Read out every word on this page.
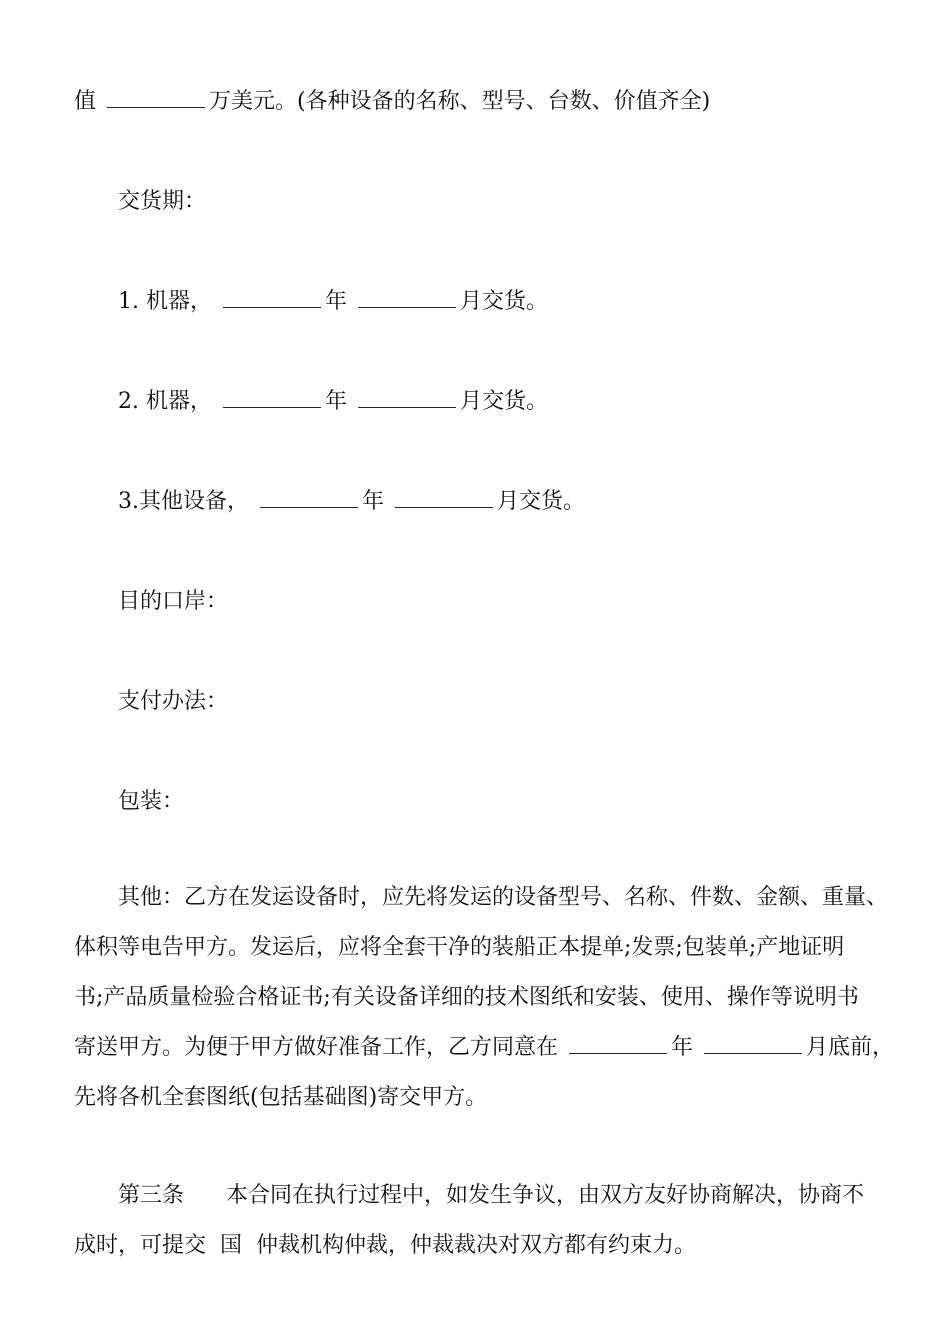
值	万美元。(各种设备的名称、型号、台数、价值齐全)
交货期：
1. 机器，	年	月交货。
2. 机器，	年	月交货。
3.其他设备，	年	月交货。
目的口岸：
支付办法：
包装：
其他：乙方在发运设备时，应先将发运的设备型号、名称、件数、金额、重量、
体积等电告甲方。发运后，应将全套干净的装船正本提单;发票;包装单;产地证明
书;产品质量检验合格证书;有关设备详细的技术图纸和安装、使用、操作等说明书
寄送甲方。为便于甲方做好准备工作，乙方同意在	年	月底前，
先将各机全套图纸(包括基础图)寄交甲方。
第三条      本合同在执行过程中，如发生争议，由双方友好协商解决，协商不
成时，可提交  国  仲裁机构仲裁，仲裁裁决对双方都有约束力。
